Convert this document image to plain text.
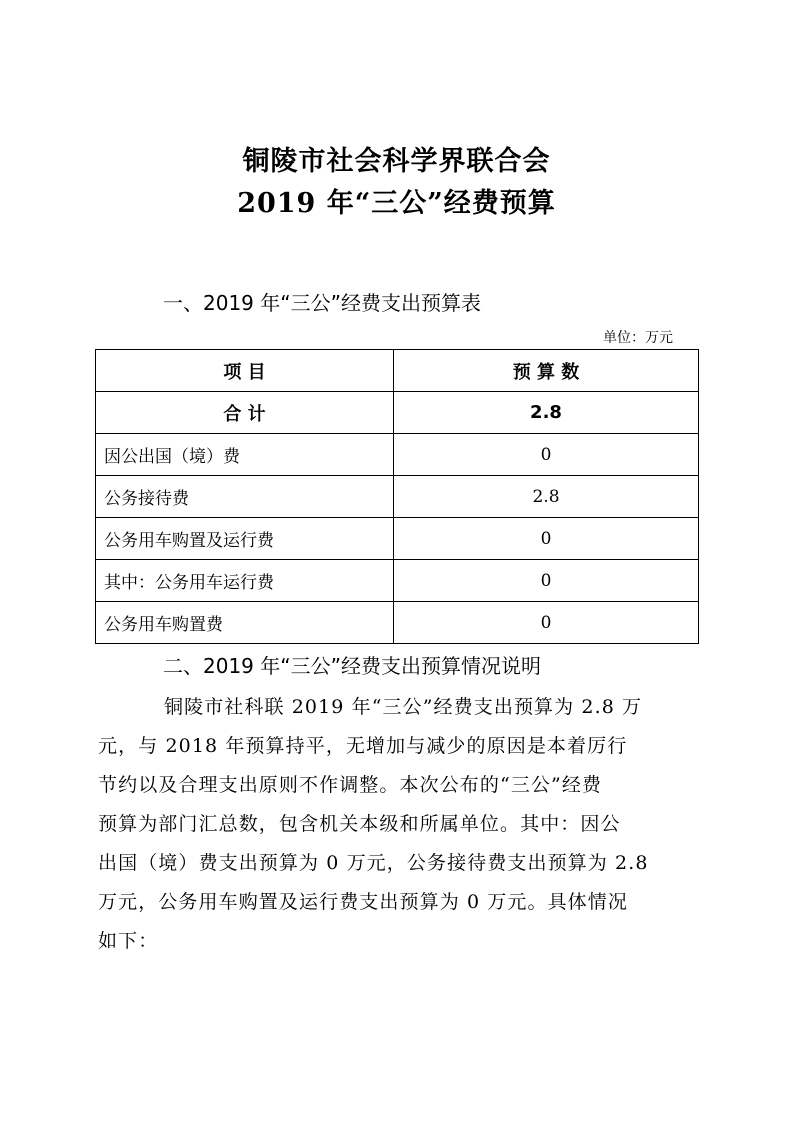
铜陵市社会科学界联合会
2019 年“三公”经费预算
一、2019 年“三公”经费支出预算表
单位：万元
项 目	预 算 数
合 计	2.8
因公出国（境）费	0
公务接待费	2.8
公务用车购置及运行费	0
其中：公务用车运行费	0
公务用车购置费	0
二、2019 年“三公”经费支出预算情况说明
铜陵市社科联 2019 年“三公”经费支出预算为 2.8 万
元，与 2018 年预算持平，无增加与减少的原因是本着厉行
节约以及合理支出原则不作调整。本次公布的“三公”经费
预算为部门汇总数，包含机关本级和所属单位。其中：因公
出国（境）费支出预算为 0 万元，公务接待费支出预算为 2.8
万元，公务用车购置及运行费支出预算为 0 万元。具体情况
如下：
